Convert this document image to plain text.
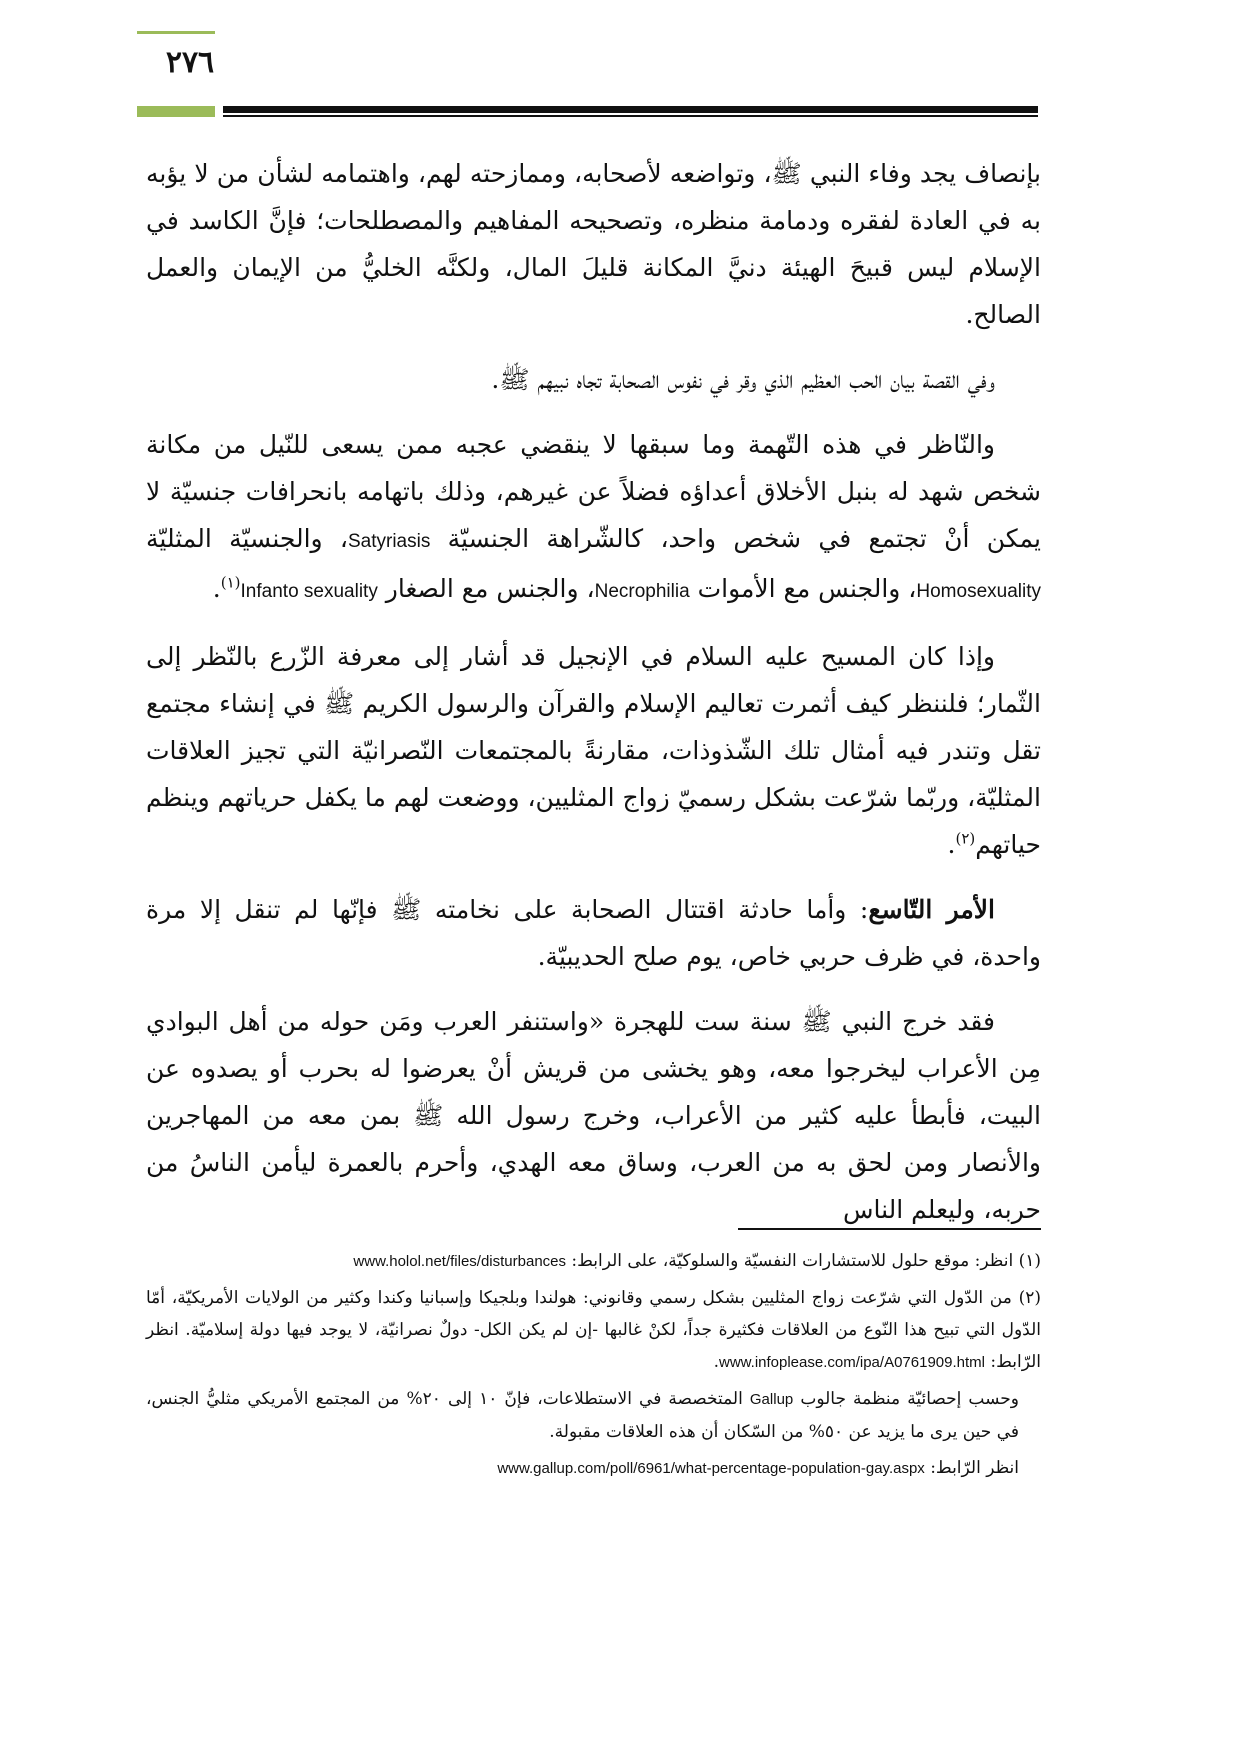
٢٧٦

بإنصاف يجد وفاء النبي ﷺ، وتواضعه لأصحابه، وممازحته لهم، واهتمامه لشأن من لا يؤبه به في العادة لفقره ودمامة منظره، وتصحيحه المفاهيم والمصطلحات؛ فإنَّ الكاسد في الإسلام ليس قبيحَ الهيئة دنيَّ المكانة قليلَ المال، ولكنَّه الخليُّ من الإيمان والعمل الصالح.

وفي القصة بيان الحب العظيم الذي وقر في نفوس الصحابة تجاه نبيهم ﷺ.

والنّاظر في هذه التّهمة وما سبقها لا ينقضي عجبه ممن يسعى للنّيل من مكانة شخص شهد له بنبل الأخلاق أعداؤه فضلاً عن غيرهم، وذلك باتهامه بانحرافات جنسيّة لا يمكن أنْ تجتمع في شخص واحد، كالشّراهة الجنسيّة Satyriasis، والجنسيّة المثليّة Homosexuality، والجنس مع الأموات Necrophilia، والجنس مع الصغار Infanto sexuality$^{(١)}$.

وإذا كان المسيح عليه السلام في الإنجيل قد أشار إلى معرفة الزّرع بالنّظر إلى الثّمار؛ فلننظر كيف أثمرت تعاليم الإسلام والقرآن والرسول الكريم ﷺ في إنشاء مجتمع تقل وتندر فيه أمثال تلك الشّذوذات، مقارنةً بالمجتمعات النّصرانيّة التي تجيز العلاقات المثليّة، وربّما شرّعت بشكل رسميّ زواج المثليين، ووضعت لهم ما يكفل حرياتهم وينظم حياتهم$^{(٢)}$.

الأمر التّاسع: وأما حادثة اقتتال الصحابة على نخامته ﷺ فإنّها لم تنقل إلا مرة واحدة، في ظرف حربي خاص، يوم صلح الحديبيّة.

فقد خرج النبي ﷺ سنة ست للهجرة «واستنفر العرب ومَن حوله من أهل البوادي مِن الأعراب ليخرجوا معه، وهو يخشى من قريش أنْ يعرضوا له بحرب أو يصدوه عن البيت، فأبطأ عليه كثير من الأعراب، وخرج رسول الله ﷺ بمن معه من المهاجرين والأنصار ومن لحق به من العرب، وساق معه الهدي، وأحرم بالعمرة ليأمن الناسُ من حربه، وليعلم الناس

(١) انظر: موقع حلول للاستشارات النفسيّة والسلوكيّة، على الرابط: www.holol.net/files/disturbances
(٢) من الدّول التي شرّعت زواج المثليين بشكل رسمي وقانوني: هولندا وبلجيكا وإسبانيا وكندا وكثير من الولايات الأمريكيّة، أمّا الدّول التي تبيح هذا النّوع من العلاقات فكثيرة جداً، لكنْ غالبها -إن لم يكن الكل- دولٌ نصرانيّة، لا يوجد فيها دولة إسلاميّة. انظر الرّابط: www.infoplease.com/ipa/A0761909.html.
وحسب إحصائيّة منظمة جالوب Gallup المتخصصة في الاستطلاعات، فإنّ ١٠ إلى ٢٠% من المجتمع الأمريكي مثليُّ الجنس، في حين يرى ما يزيد عن ٥٠% من السّكان أن هذه العلاقات مقبولة.
انظر الرّابط: www.gallup.com/poll/6961/what-percentage-population-gay.aspx
